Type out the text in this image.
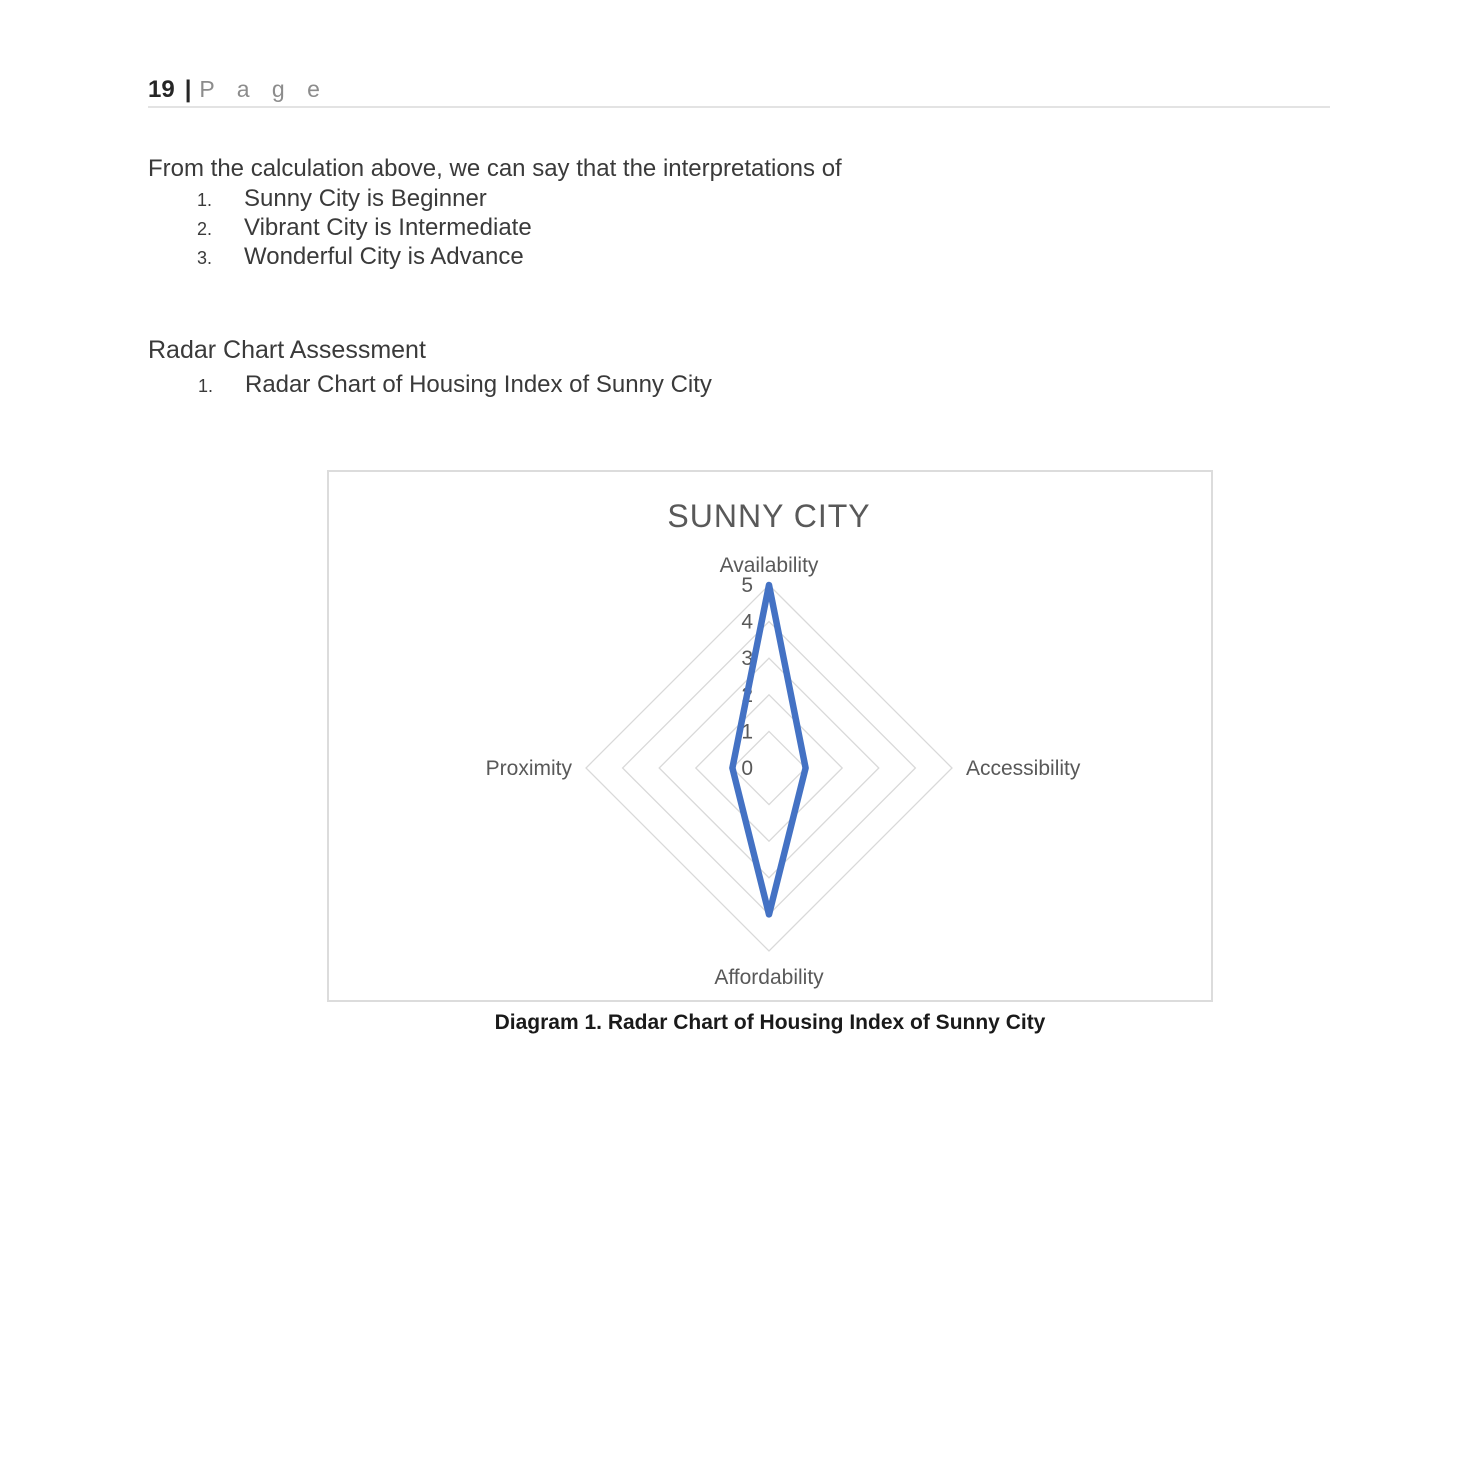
19 | P a g e
From the calculation above, we can say that the interpretations of
1.	Sunny City is Beginner
2.	Vibrant City is Intermediate
3.	Wonderful City is Advance
Radar Chart Assessment
1.	Radar Chart of Housing Index of Sunny City
0
1
2
3
4
5
Availability
Accessibility
Affordability
Proximity
SUNNY CITY
Diagram 1. Radar Chart of Housing Index of Sunny City
